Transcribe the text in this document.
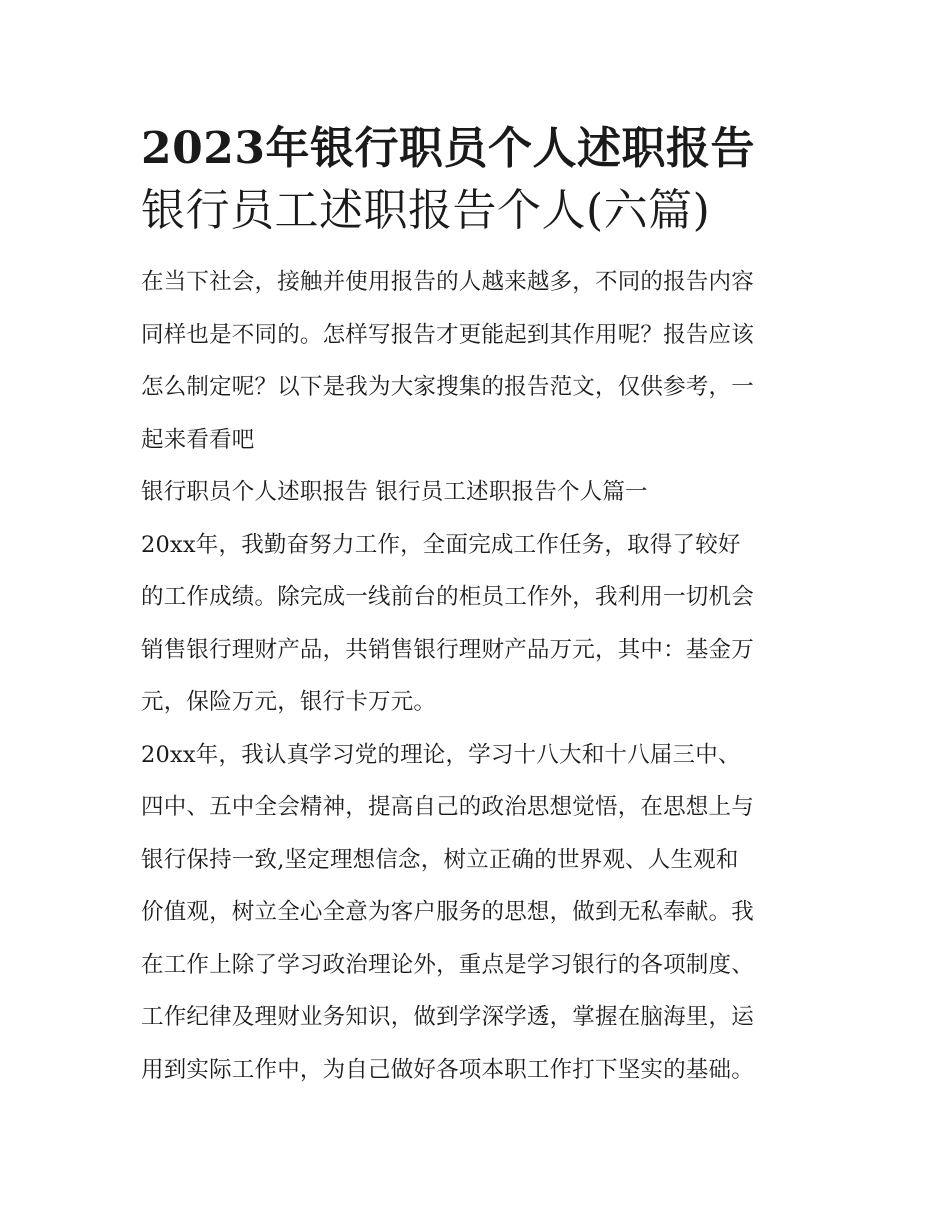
2023年银行职员个人述职报告
银行员工述职报告个人(六篇)
在当下社会，接触并使用报告的人越来越多，不同的报告内容
同样也是不同的。怎样写报告才更能起到其作用呢？报告应该
怎么制定呢？以下是我为大家搜集的报告范文，仅供参考，一
起来看看吧
银行职员个人述职报告 银行员工述职报告个人篇一
20xx年，我勤奋努力工作，全面完成工作任务，取得了较好
的工作成绩。除完成一线前台的柜员工作外，我利用一切机会
销售银行理财产品，共销售银行理财产品万元，其中：基金万
元，保险万元，银行卡万元。
20xx年，我认真学习党的理论，学习十八大和十八届三中、
四中、五中全会精神，提高自己的政治思想觉悟，在思想上与
银行保持一致,坚定理想信念，树立正确的世界观、人生观和
价值观，树立全心全意为客户服务的思想，做到无私奉献。我
在工作上除了学习政治理论外，重点是学习银行的各项制度、
工作纪律及理财业务知识，做到学深学透，掌握在脑海里，运
用到实际工作中，为自己做好各项本职工作打下坚实的基础。
